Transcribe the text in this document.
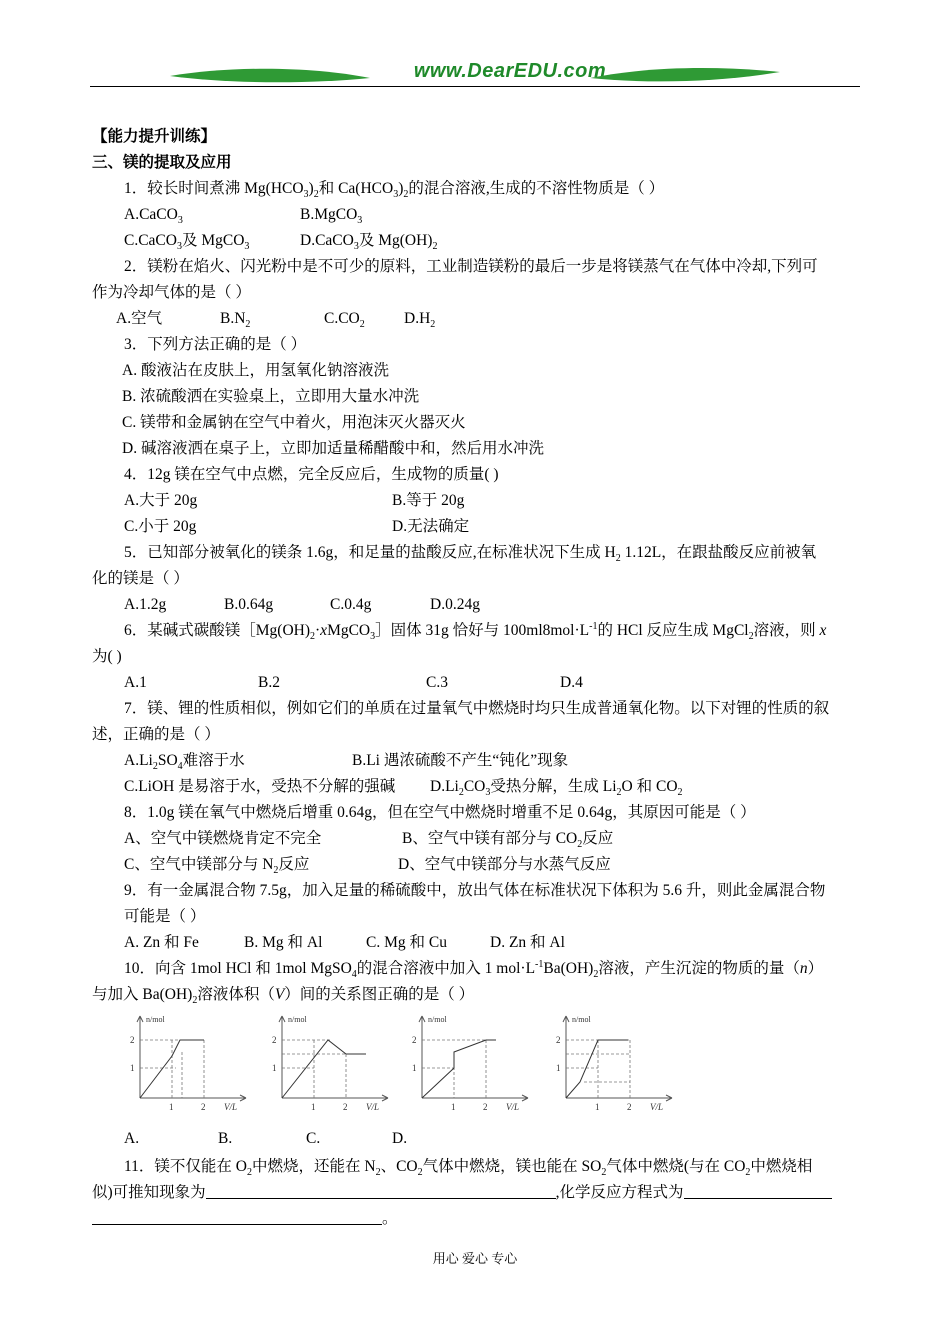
www.DearEDU.com
【能力提升训练】
三、镁的提取及应用
1．较长时间煮沸 $Mg(HCO_3)_2$和 $Ca(HCO_3)_2$的混合溶液,生成的不溶性物质是（ ）
A.CaCO$_3$	B.MgCO$_3$
C.CaCO$_3$及 MgCO$_3$	D.CaCO$_3$及 $Mg(OH)_2$
2．镁粉在焰火、闪光粉中是不可少的原料，工业制造镁粉的最后一步是将镁蒸气在气体中冷却,下列可
作为冷却气体的是（ ）
A.空气	$B.N_2$	$C.CO_2$	$D.H_2$
3．下列方法正确的是（ ）
A. 酸液沾在皮肤上，用氢氧化钠溶液洗
B. 浓硫酸洒在实验桌上，立即用大量水冲洗
C. 镁带和金属钠在空气中着火，用泡沫灭火器灭火
D. 碱溶液洒在桌子上，立即加适量稀醋酸中和，然后用水冲洗
4．12g 镁在空气中点燃，完全反应后，生成物的质量( )
A.大于 20g	B.等于 20g
C.小于 20g	D.无法确定
5．已知部分被氧化的镁条 1.6g，和足量的盐酸反应,在标准状况下生成 $H_2$ 1.12L，在跟盐酸反应前被氧
化的镁是（ ）
A.1.2g	B.0.64g	C.0.4g	D.0.24g
6．某碱式碳酸镁$[Mg(OH)_2\cdot xMgCO_3]$固体 31g 恰好与 $100ml8mol\cdot L^{-1}$的 HCl 反应生成 MgCl$_2$溶液，则 x
为( )
A.1	B.2	C.3	D.4
7．镁、锂的性质相似，例如它们的单质在过量氧气中燃烧时均只生成普通氧化物。以下对锂的性质的叙
述，正确的是（ ）
$A.Li_2SO_4$难溶于水	B.Li 遇浓硫酸不产生“钝化”现象
C.LiOH 是易溶于水，受热不分解的强碱 $D.Li_2CO_3$受热分解，生成 $Li_2O$ 和 $CO_2$
8．1.0g 镁在氧气中燃烧后增重 0.64g，但在空气中燃烧时增重不足 0.64g，其原因可能是（ ）
A、空气中镁燃烧肯定不完全	B、空气中镁有部分与 $CO_2$反应
C、空气中镁部分与 $N_2$反应	D、空气中镁部分与水蒸气反应
9．有一金属混合物 7.5g，加入足量的稀硫酸中，放出气体在标准状况下体积为 5.6 升，则此金属混合物
可能是（ ）
A. Zn 和 Fe	B. Mg 和 Al	C. Mg 和 Cu	D. Zn 和 Al
10．向含 1mol HCl 和 1mol MgSO$_4$的混合溶液中加入 1 $mol\cdot L^{-1}Ba(OH)_2$溶液，产生沉淀的物质的量（n）
与加入 $Ba(OH)_2$溶液体积（V）间的关系图正确的是（ ）
n/mol
2
1
1	2 V/L
n/mol
2
1
1	2 V/L
n/mol
2
1
1	2 V/L
n/mol
2
1
1	2 V/L
A.	B.	C.	D.
11．镁不仅能在 $O_2$中燃烧，还能在 $N_2$、$CO_2$气体中燃烧，镁也能在 $SO_2$气体中燃烧(与在 $CO_2$中燃烧相
似)可推知现象为	,化学反应方程式为
。
用心 爱心 专心
